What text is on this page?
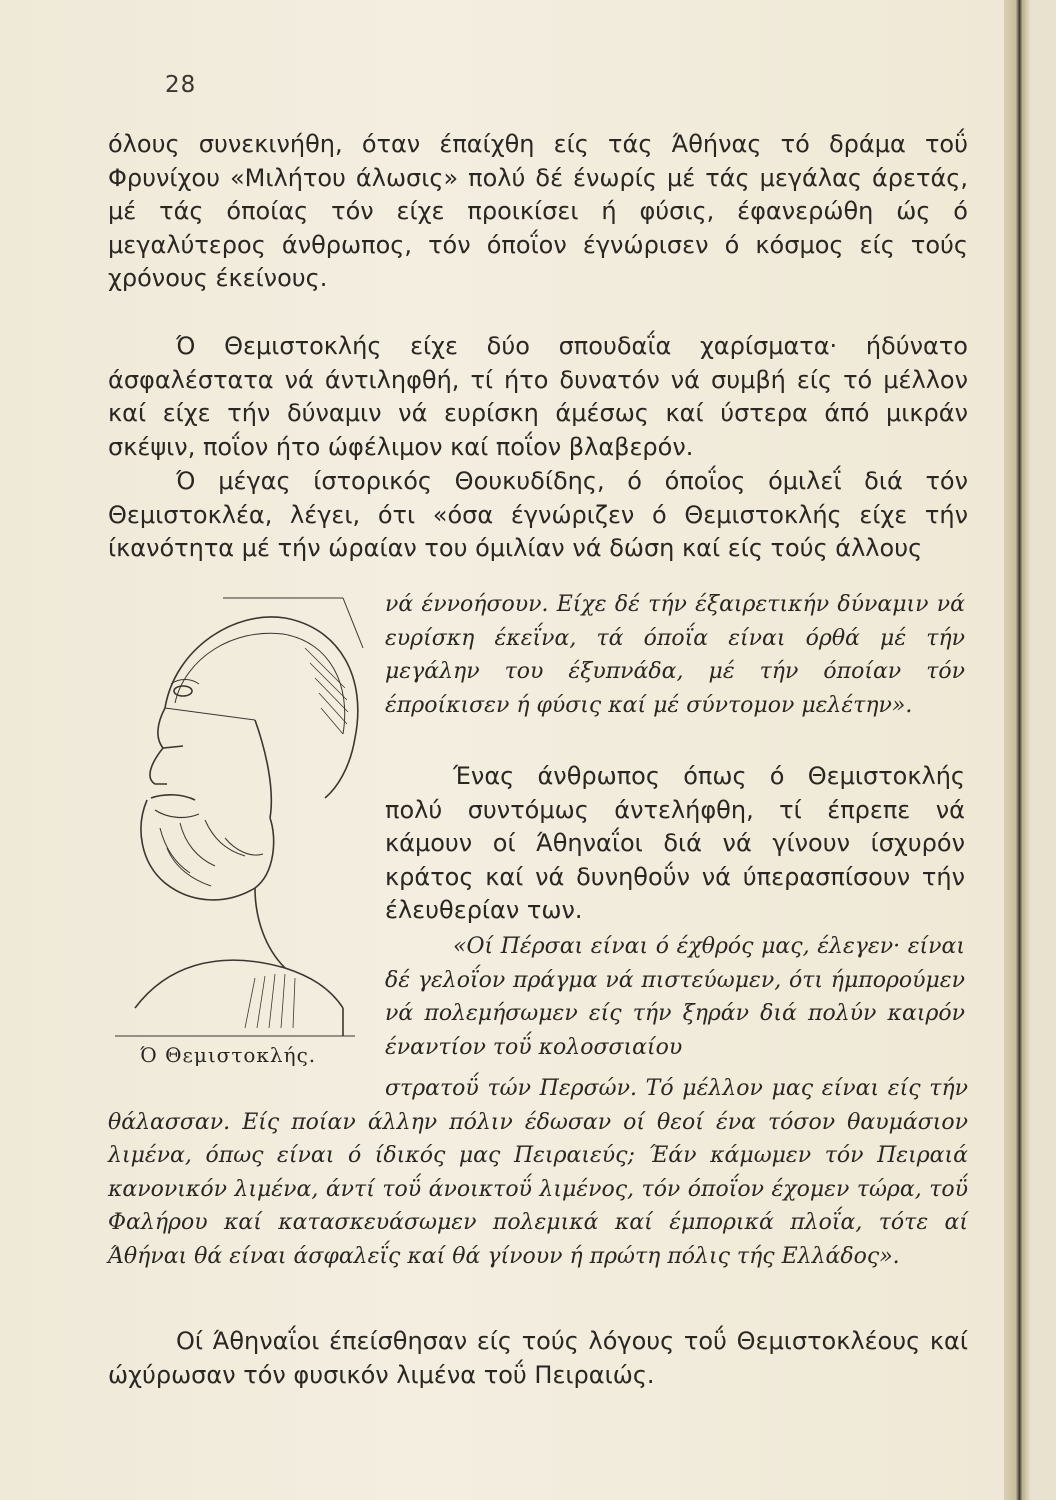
28

όλους συνεκινήθη, όταν έπαίχθη είς τάς Άθήνας τό δράμα τοΰ Φρυνίχου «Μιλήτου άλωσις» πολύ δέ ένωρίς μέ τάς μεγάλας άρετάς, μέ τάς όποίας τόν είχε προικίσει ή φύσις, έφανερώθη ώς ό μεγαλύτερος άνθρωπος, τόν όποΐον έγνώρισεν ό κόσμος είς τούς χρόνους έκείνους.

Ό Θεμιστοκλής είχε δύο σπουδαΐα χαρίσματα· ήδύνατο άσφαλέστατα νά άντιληφθή, τί ήτο δυνατόν νά συμβή είς τό μέλλον καί είχε τήν δύναμιν νά ευρίσκη άμέσως καί ύστερα άπό μικράν σκέψιν, ποΐον ήτο ώφέλιμον καί ποΐον βλαβερόν.

Ό μέγας ίστορικός Θουκυδίδης, ό όποΐος όμιλεΐ διά τόν Θεμιστοκλέα, λέγει, ότι «όσα έγνώριζεν ό Θεμιστοκλής είχε τήν ίκανότητα μέ τήν ώραίαν του όμιλίαν νά δώση καί είς τούς άλλους

νά έννοήσουν. Είχε δέ τήν έξαιρετικήν δύναμιν νά ευρίσκη έκεΐνα, τά όποΐα είναι όρθά μέ τήν μεγάλην του έξυπνάδα, μέ τήν όποίαν τόν έπροίκισεν ή φύσις καί μέ σύντομον μελέτην».

Ένας άνθρωπος όπως ό Θεμιστοκλής πολύ συντόμως άντελήφθη, τί έπρεπε νά κάμουν οί Άθηναΐοι διά νά γίνουν ίσχυρόν κράτος καί νά δυνηθοΰν νά ύπερασπίσουν τήν έλευθερίαν των.

«Οί Πέρσαι είναι ό έχθρός μας, έλεγεν· είναι δέ γελοΐον πράγμα νά πιστεύωμεν, ότι ήμπορούμεν νά πολεμήσωμεν είς τήν ξηράν διά πολύν καιρόν έναντίον τοΰ κολοσσιαίου

στρατοΰ τών Περσών. Τό μέλλον μας είναι είς τήν θάλασσαν. Είς ποίαν άλλην πόλιν έδωσαν οί θεοί ένα τόσον θαυμάσιον λιμένα, όπως είναι ό ίδικός μας Πειραιεύς; Έάν κάμωμεν τόν Πειραιά κανονικόν λιμένα, άντί τοΰ άνοικτοΰ λιμένος, τόν όποΐον έχομεν τώρα, τοΰ Φαλήρου καί κατασκευάσωμεν πολεμικά καί έμπορικά πλοΐα, τότε αί Άθήναι θά είναι άσφαλεΐς καί θά γίνουν ή πρώτη πόλις τής Ελλάδος».

Οί Άθηναΐοι έπείσθησαν είς τούς λόγους τοΰ Θεμιστοκλέους καί ώχύρωσαν τόν φυσικόν λιμένα τοΰ Πειραιώς.

Ό Θεμιστοκλής.
